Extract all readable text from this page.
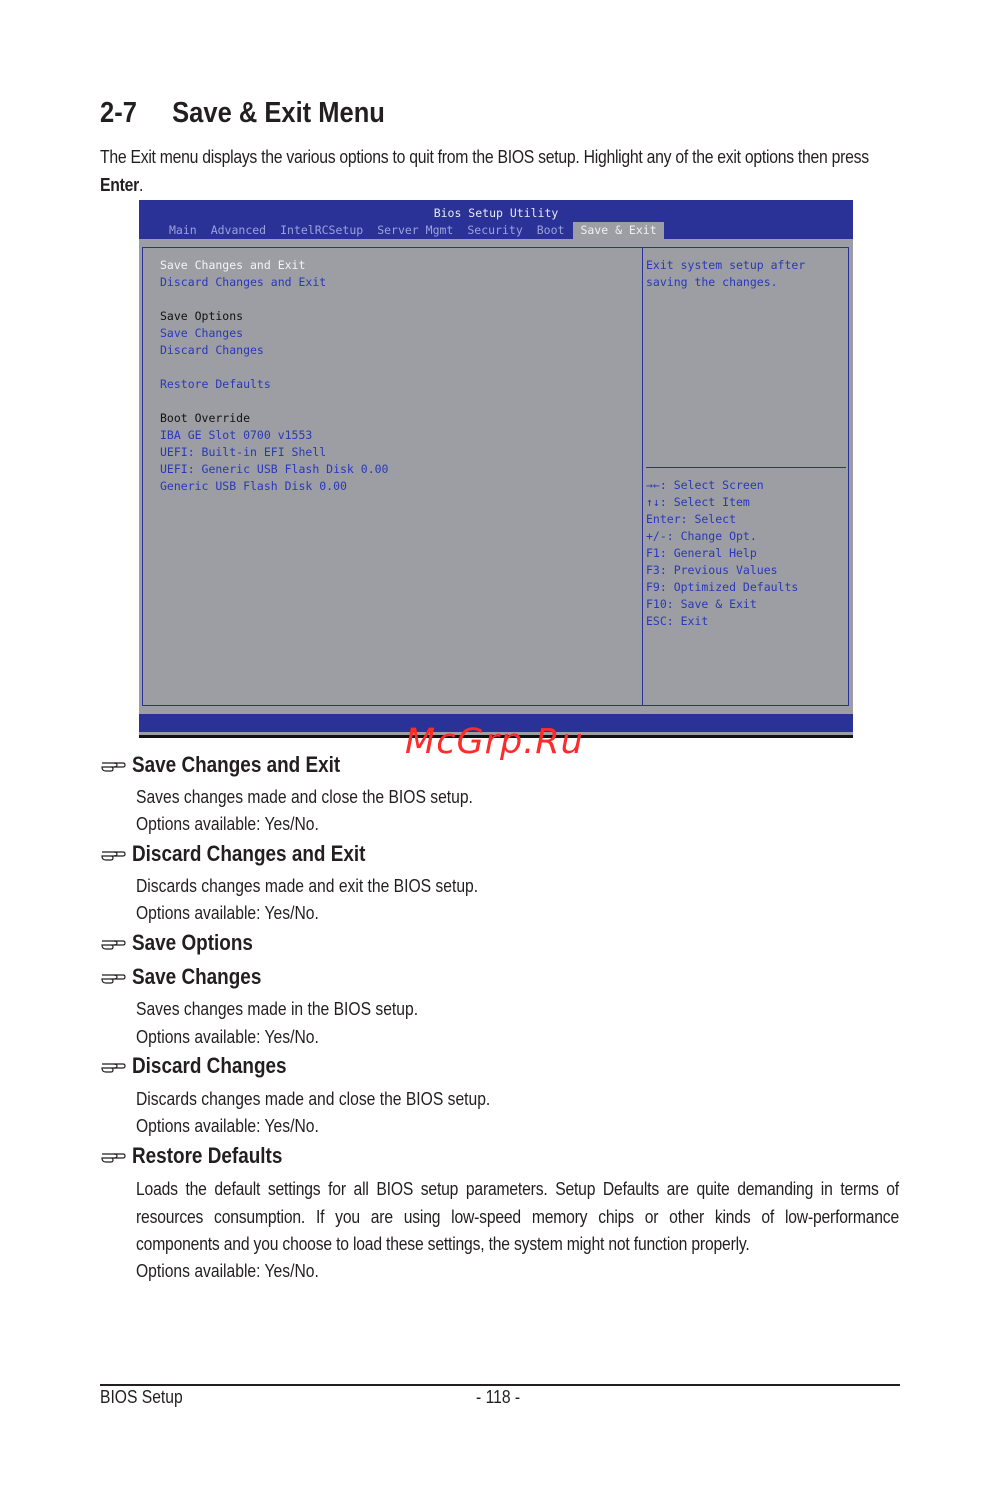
2-7 Save & Exit Menu

The Exit menu displays the various options to quit from the BIOS setup. Highlight any of the exit options then press Enter.

Bios Setup Utility
Main	Advanced	IntelRCSetup	Server Mgmt	Security	Boot	Save & Exit
Save Changes and Exit
Discard Changes and Exit
Save Options
Save Changes
Discard Changes
Restore Defaults
Boot Override
IBA GE Slot 0700 v1553
UEFI: Built-in EFI Shell
UEFI: Generic USB Flash Disk 0.00
Generic USB Flash Disk 0.00
Exit system setup after
saving the changes.
→←: Select Screen
↑↓: Select Item
Enter: Select
+/-: Change Opt.
F1: General Help
F3: Previous Values
F9: Optimized Defaults
F10: Save & Exit
ESC: Exit
McGrp.Ru
Save Changes and Exit

Saves changes made and close the BIOS setup.

Options available: Yes/No.

Discard Changes and Exit

Discards changes made and exit the BIOS setup.

Options available: Yes/No.

Save Options
Save Changes

Saves changes made in the BIOS setup.

Options available: Yes/No.

Discard Changes

Discards changes made and close the BIOS setup.

Options available: Yes/No.

Restore Defaults

Loads the default settings for all BIOS setup parameters. Setup Defaults are quite demanding in terms of resources consumption. If you are using low-speed memory chips or other kinds of low-performance components and you choose to load these settings, the system might not function properly.

Options available: Yes/No.

BIOS Setup	- 118 -
